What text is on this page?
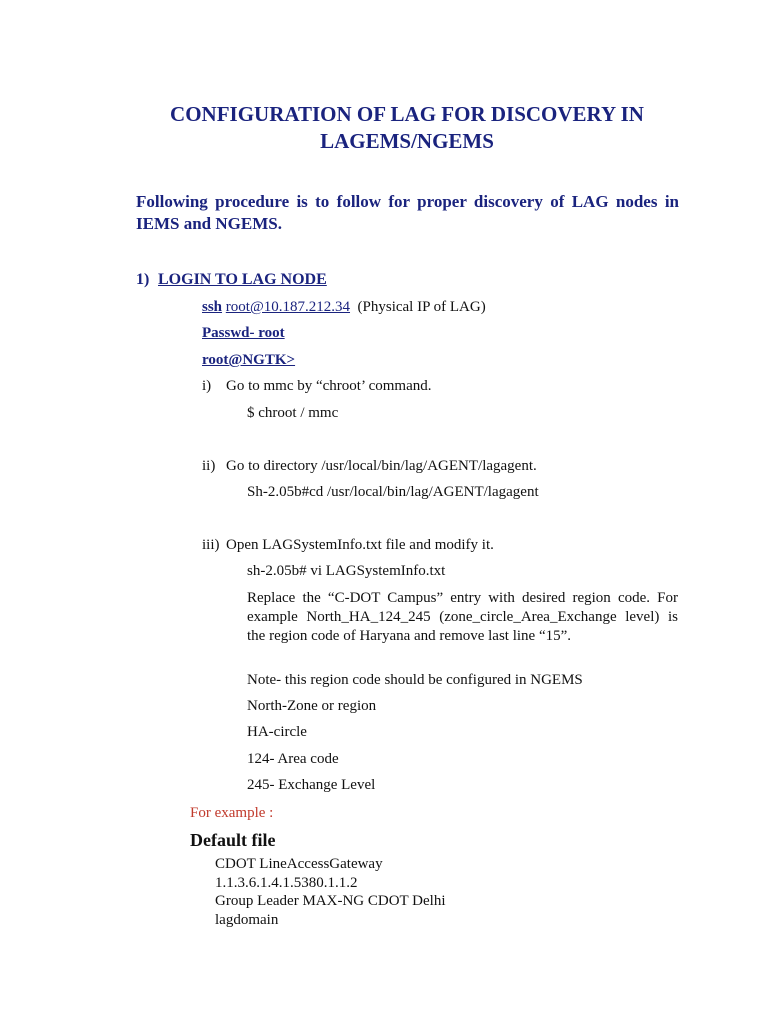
CONFIGURATION OF LAG FOR DISCOVERY IN LAGEMS/NGEMS
Following procedure is to follow for proper discovery of LAG nodes in IEMS and NGEMS.
1) LOGIN TO LAG NODE
ssh root@10.187.212.34 (Physical IP of LAG)
Passwd- root
root@NGTK>
i) Go to mmc by “chroot’ command.
$ chroot / mmc
ii) Go to directory /usr/local/bin/lag/AGENT/lagagent.
Sh-2.05b#cd /usr/local/bin/lag/AGENT/lagagent
iii) Open LAGSystemInfo.txt file and modify it.
sh-2.05b# vi LAGSystemInfo.txt
Replace the “C-DOT Campus” entry with desired region code. For example North_HA_124_245 (zone_circle_Area_Exchange level) is the region code of Haryana and remove last line “15”.
Note- this region code should be configured in NGEMS
North-Zone or region
HA-circle
124- Area code
245- Exchange Level
For example :
Default file
CDOT LineAccessGateway
1.1.3.6.1.4.1.5380.1.1.2
Group Leader MAX-NG CDOT Delhi
lagdomain
